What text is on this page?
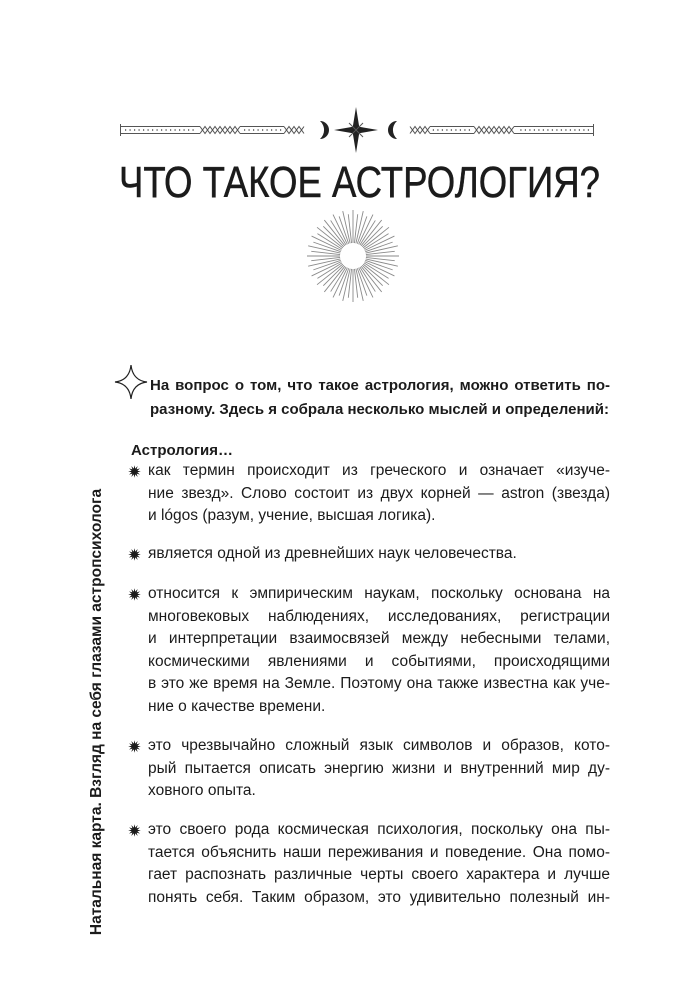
ЧТО ТАКОЕ АСТРОЛОГИЯ?
На вопрос о том, что такое астрология, можно ответить по-
разному. Здесь я собрала несколько мыслей и определений:
Астрология…
как термин происходит из греческого и означает «изуче-
ние звезд». Слово состоит из двух корней — astron (звезда)
и lógos (разум, учение, высшая логика).
является одной из древнейших наук человечества.
относится к эмпирическим наукам, поскольку основана на
многовековых наблюдениях, исследованиях, регистрации
и интерпретации взаимосвязей между небесными телами,
космическими явлениями и событиями, происходящими
в это же время на Земле. Поэтому она также известна как уче-
ние о качестве времени.
это чрезвычайно сложный язык символов и образов, кото-
рый пытается описать энергию жизни и внутренний мир ду-
ховного опыта.
это своего рода космическая психология, поскольку она пы-
тается объяснить наши переживания и поведение. Она помо-
гает распознать различные черты своего характера и лучше
понять себя. Таким образом, это удивительно полезный ин-
Натальная карта. Взгляд на себя глазами астропсихолога
